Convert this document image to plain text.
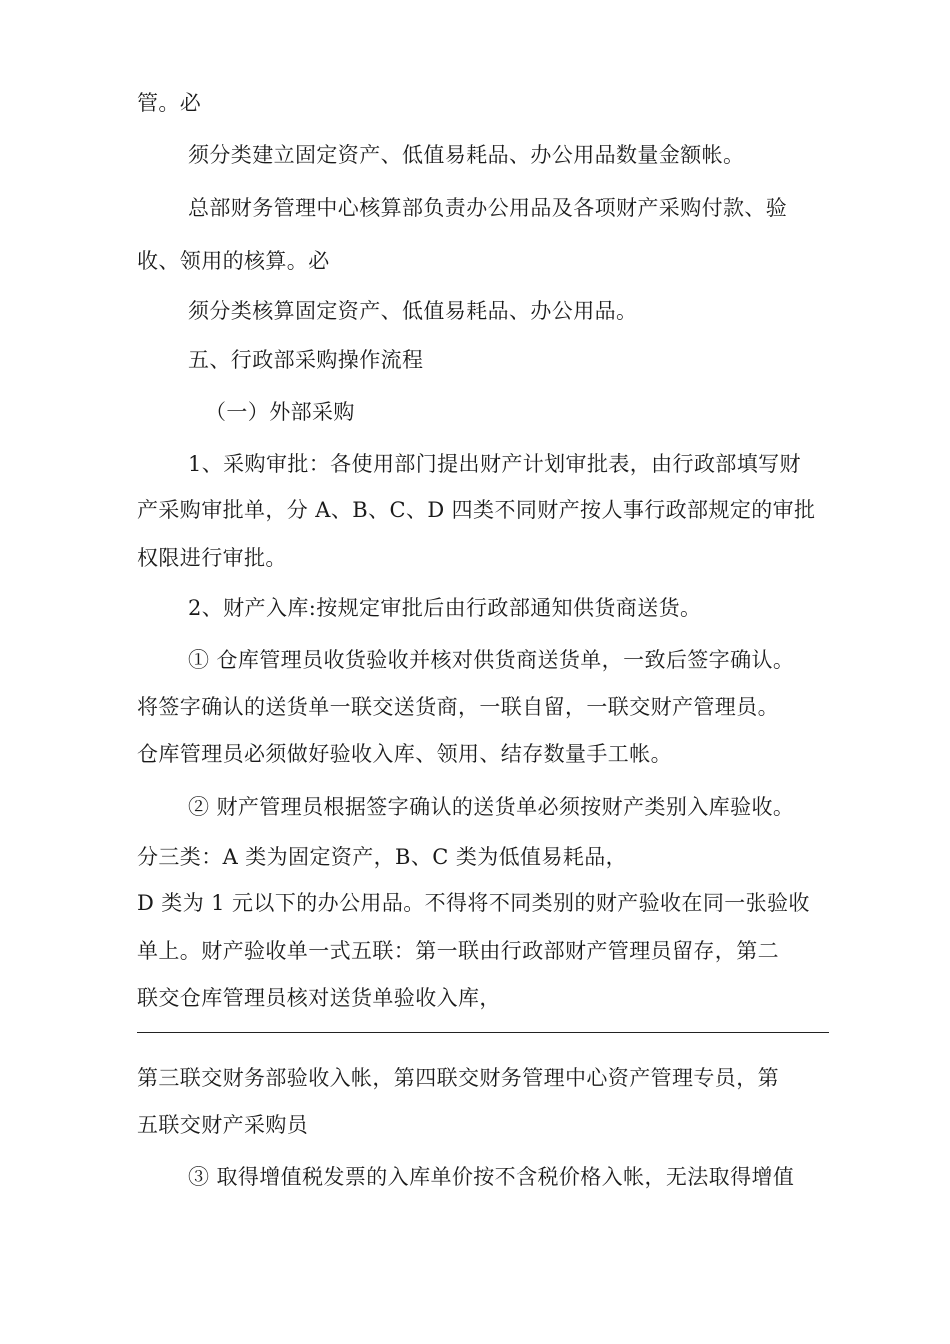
管。必
须分类建立固定资产、低值易耗品、办公用品数量金额帐。
总部财务管理中心核算部负责办公用品及各项财产采购付款、验
收、领用的核算。必
须分类核算固定资产、低值易耗品、办公用品。
五、行政部采购操作流程
（一）外部采购
1、采购审批：各使用部门提出财产计划审批表，由行政部填写财
产采购审批单，分 A、B、C、D 四类不同财产按人事行政部规定的审批
权限进行审批。
2、财产入库:按规定审批后由行政部通知供货商送货。
① 仓库管理员收货验收并核对供货商送货单，一致后签字确认。
将签字确认的送货单一联交送货商，一联自留，一联交财产管理员。
仓库管理员必须做好验收入库、领用、结存数量手工帐。
② 财产管理员根据签字确认的送货单必须按财产类别入库验收。
分三类：A 类为固定资产，B、C 类为低值易耗品，
D 类为 1 元以下的办公用品。不得将不同类别的财产验收在同一张验收
单上。财产验收单一式五联：第一联由行政部财产管理员留存，第二
联交仓库管理员核对送货单验收入库，
第三联交财务部验收入帐，第四联交财务管理中心资产管理专员，第
五联交财产采购员
③ 取得增值税发票的入库单价按不含税价格入帐，无法取得增值
